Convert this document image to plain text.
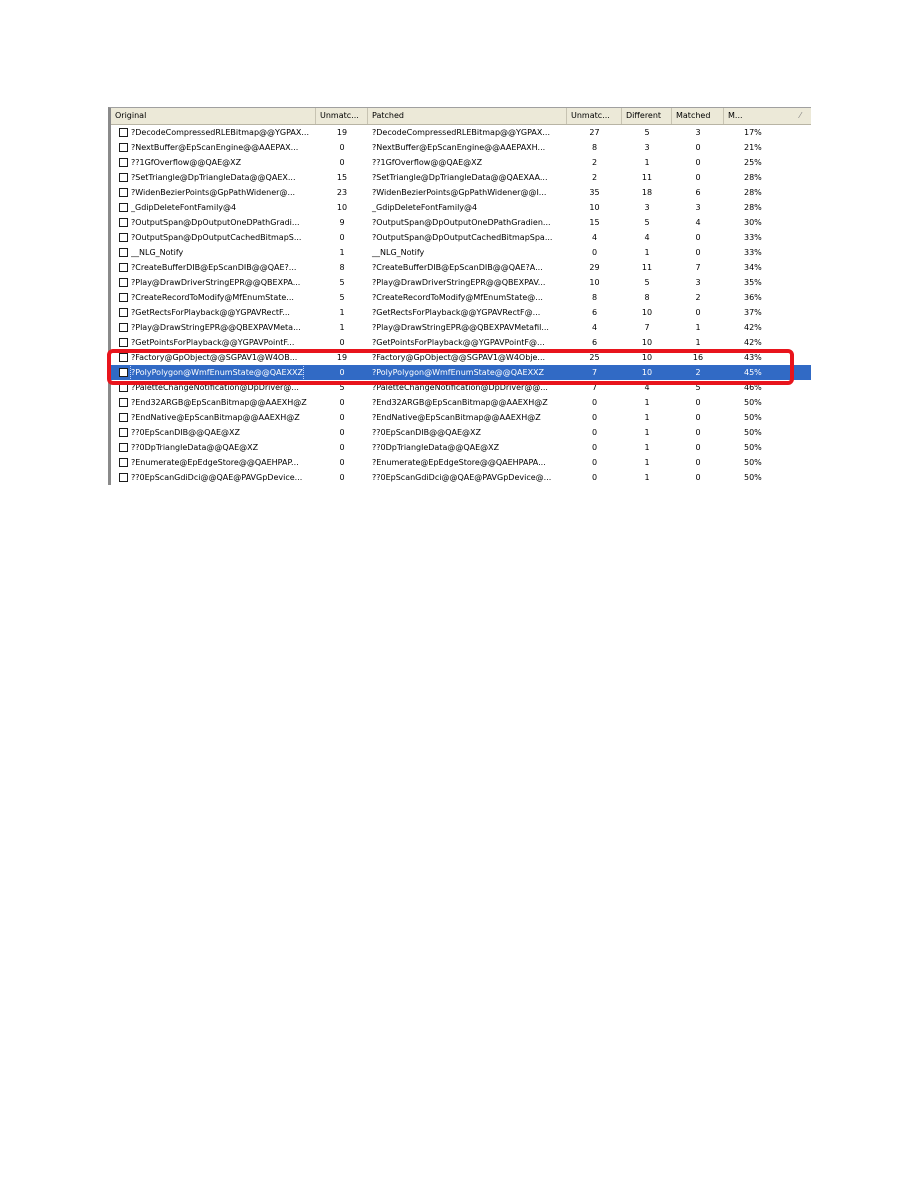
Original	Unmatc...	Patched	Unmatc...	Different	Matched	M...	⁄
?DecodeCompressedRLEBitmap@@YGPAX...	19	?DecodeCompressedRLEBitmap@@YGPAX...	27	5	3	17%
?NextBuffer@EpScanEngine@@AAEPAX...	0	?NextBuffer@EpScanEngine@@AAEPAXH...	8	3	0	21%
??1GfOverflow@@QAE@XZ	0	??1GfOverflow@@QAE@XZ	2	1	0	25%
?SetTriangle@DpTriangleData@@QAEX...	15	?SetTriangle@DpTriangleData@@QAEXAA...	2	11	0	28%
?WidenBezierPoints@GpPathWidener@...	23	?WidenBezierPoints@GpPathWidener@@I...	35	18	6	28%
_GdipDeleteFontFamily@4	10	_GdipDeleteFontFamily@4	10	3	3	28%
?OutputSpan@DpOutputOneDPathGradi...	9	?OutputSpan@DpOutputOneDPathGradien...	15	5	4	30%
?OutputSpan@DpOutputCachedBitmapS...	0	?OutputSpan@DpOutputCachedBitmapSpa...	4	4	0	33%
__NLG_Notify	1	__NLG_Notify	0	1	0	33%
?CreateBufferDIB@EpScanDIB@@QAE?...	8	?CreateBufferDIB@EpScanDIB@@QAE?A...	29	11	7	34%
?Play@DrawDriverStringEPR@@QBEXPA...	5	?Play@DrawDriverStringEPR@@QBEXPAV...	10	5	3	35%
?CreateRecordToModify@MfEnumState...	5	?CreateRecordToModify@MfEnumState@...	8	8	2	36%
?GetRectsForPlayback@@YGPAVRectF...	1	?GetRectsForPlayback@@YGPAVRectF@...	6	10	0	37%
?Play@DrawStringEPR@@QBEXPAVMeta...	1	?Play@DrawStringEPR@@QBEXPAVMetafil...	4	7	1	42%
?GetPointsForPlayback@@YGPAVPointF...	0	?GetPointsForPlayback@@YGPAVPointF@...	6	10	1	42%
?Factory@GpObject@@SGPAV1@W4OB...	19	?Factory@GpObject@@SGPAV1@W4Obje...	25	10	16	43%
?PolyPolygon@WmfEnumState@@QAEXXZ	0	?PolyPolygon@WmfEnumState@@QAEXXZ	7	10	2	45%
?PaletteChangeNotification@DpDriver@...	5	?PaletteChangeNotification@DpDriver@@...	7	4	5	46%
?End32ARGB@EpScanBitmap@@AAEXH@Z	0	?End32ARGB@EpScanBitmap@@AAEXH@Z	0	1	0	50%
?EndNative@EpScanBitmap@@AAEXH@Z	0	?EndNative@EpScanBitmap@@AAEXH@Z	0	1	0	50%
??0EpScanDIB@@QAE@XZ	0	??0EpScanDIB@@QAE@XZ	0	1	0	50%
??0DpTriangleData@@QAE@XZ	0	??0DpTriangleData@@QAE@XZ	0	1	0	50%
?Enumerate@EpEdgeStore@@QAEHPAP...	0	?Enumerate@EpEdgeStore@@QAEHPAPA...	0	1	0	50%
??0EpScanGdiDci@@QAE@PAVGpDevice...	0	??0EpScanGdiDci@@QAE@PAVGpDevice@...	0	1	0	50%
